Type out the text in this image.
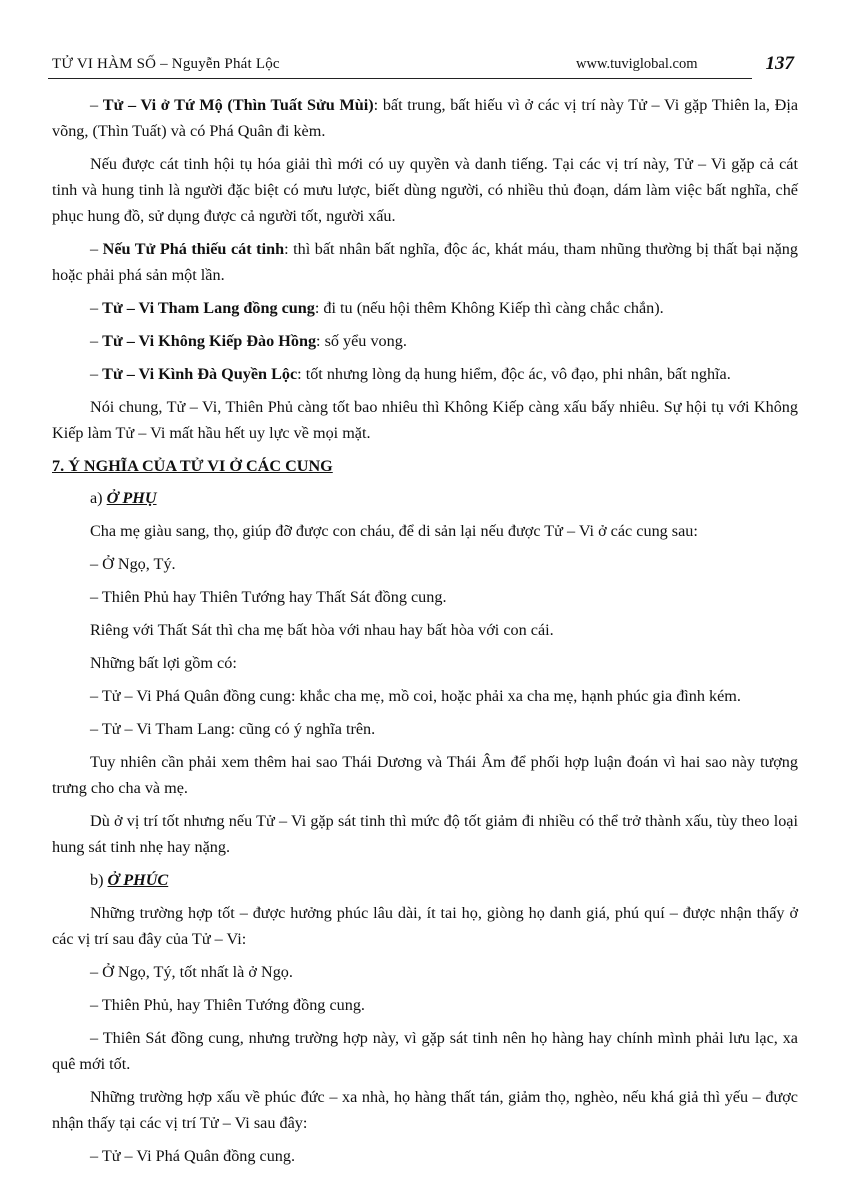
TỬ VI HÀM SỐ – Nguyễn Phát Lộc	www.tuviglobal.com	137

– Tử – Vi ở Tứ Mộ (Thìn Tuất Sửu Mùi): bất trung, bất hiếu vì ở các vị trí này Tử – Vi gặp Thiên la, Địa võng, (Thìn Tuất) và có Phá Quân đi kèm.

Nếu được cát tinh hội tụ hóa giải thì mới có uy quyền và danh tiếng. Tại các vị trí này, Tử – Vi gặp cả cát tinh và hung tinh là người đặc biệt có mưu lược, biết dùng người, có nhiều thủ đoạn, dám làm việc bất nghĩa, chế phục hung đồ, sử dụng được cả người tốt, người xấu.

– Nếu Tử Phá thiếu cát tinh: thì bất nhân bất nghĩa, độc ác, khát máu, tham nhũng thường bị thất bại nặng hoặc phải phá sản một lần.

– Tử – Vi Tham Lang đồng cung: đi tu (nếu hội thêm Không Kiếp thì càng chắc chắn).

– Tử – Vi Không Kiếp Đào Hồng: số yểu vong.

– Tử – Vi Kình Đà Quyền Lộc: tốt nhưng lòng dạ hung hiểm, độc ác, vô đạo, phi nhân, bất nghĩa.

Nói chung, Tử – Vi, Thiên Phủ càng tốt bao nhiêu thì Không Kiếp càng xấu bấy nhiêu. Sự hội tụ với Không Kiếp làm Tử – Vi mất hầu hết uy lực về mọi mặt.

7. Ý NGHĨA CỦA TỬ VI Ở CÁC CUNG

a) Ở PHỤ

Cha mẹ giàu sang, thọ, giúp đỡ được con cháu, để di sản lại nếu được Tử – Vi ở các cung sau:

– Ở Ngọ, Tý.

– Thiên Phủ hay Thiên Tướng hay Thất Sát đồng cung.

Riêng với Thất Sát thì cha mẹ bất hòa với nhau hay bất hòa với con cái.

Những bất lợi gồm có:

– Tử – Vi Phá Quân đồng cung: khắc cha mẹ, mồ coi, hoặc phải xa cha mẹ, hạnh phúc gia đình kém.

– Tử – Vi Tham Lang: cũng có ý nghĩa trên.

Tuy nhiên cần phải xem thêm hai sao Thái Dương và Thái Âm để phối hợp luận đoán vì hai sao này tượng trưng cho cha và mẹ.

Dù ở vị trí tốt nhưng nếu Tử – Vi gặp sát tinh thì mức độ tốt giảm đi nhiều có thể trở thành xấu, tùy theo loại hung sát tinh nhẹ hay nặng.

b) Ở PHÚC

Những trường hợp tốt – được hưởng phúc lâu dài, ít tai họ, giòng họ danh giá, phú quí – được nhận thấy ở các vị trí sau đây của Tử – Vi:

– Ở Ngọ, Tý, tốt nhất là ở Ngọ.

– Thiên Phủ, hay Thiên Tướng đồng cung.

– Thiên Sát đồng cung, nhưng trường hợp này, vì gặp sát tinh nên họ hàng hay chính mình phải lưu lạc, xa quê mới tốt.

Những trường hợp xấu về phúc đức – xa nhà, họ hàng thất tán, giảm thọ, nghèo, nếu khá giả thì yếu – được nhận thấy tại các vị trí Tử – Vi sau đây:

– Tử – Vi Phá Quân đồng cung.
